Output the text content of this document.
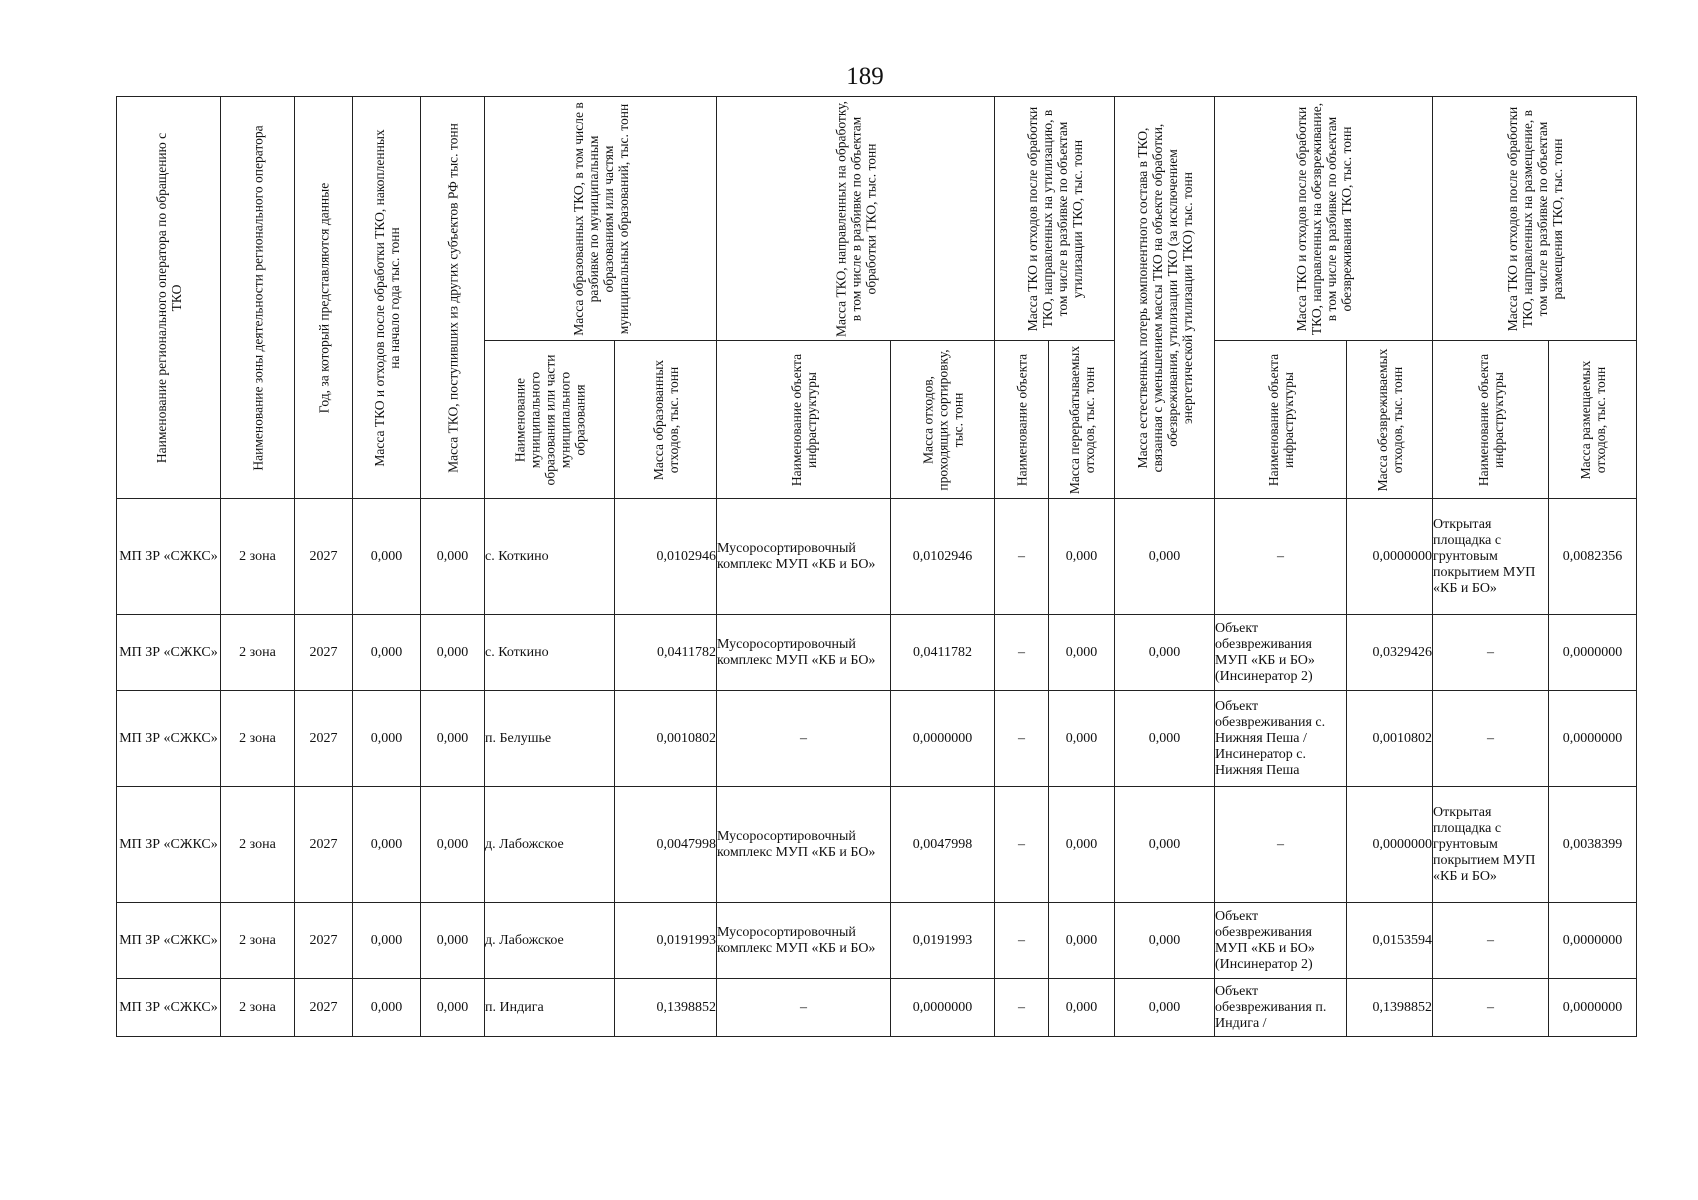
189
Наименование регионального оператора по обращению с ТКО	Наименование зоны деятельности регионального оператора	Год, за который представляются данные	Масса ТКО и отходов после обработки ТКО, накопленных на начало года тыс. тонн	Масса ТКО, поступивших из других субъектов РФ тыс. тонн	Масса образованных ТКО, в том числе в разбивке по муниципальным образованиям или частям муниципальных образований, тыс. тонн		Масса ТКО, направленных на обработку, в том числе в разбивке по объектам обработки ТКО, тыс. тонн		Масса ТКО и отходов после обработки ТКО, направленных на утилизацию, в том числе в разбивке по объектам утилизации ТКО, тыс. тонн		Масса естественных потерь компонентного состава в ТКО, связанная с уменьшением массы ТКО на объекте обработки, обезвреживания, утилизации ТКО (за исключением энергетической утилизации ТКО) тыс. тонн	Масса ТКО и отходов после обработки ТКО, направленных на обезвреживание, в том числе в разбивке по объектам обезвреживания ТКО, тыс. тонн		Масса ТКО и отходов после обработки ТКО, направленных на размещение, в том числе в разбивке по объектам размещения ТКО, тыс. тонн	

					Наименование муниципального образования или части муниципального образования	Масса образованных отходов, тыс. тонн	Наименование объекта инфраструктуры	Масса отходов, проходящих сортировку, тыс. тонн	Наименование объекта	Масса перерабатываемых отходов, тыс. тонн		Наименование объекта инфраструктуры	Масса обезвреживаемых отходов, тыс. тонн	Наименование объекта инфраструктуры	Масса размещаемых отходов, тыс. тонн

МП ЗР «СЖКС»	2 зона	2027	0,000	0,000	с. Коткино	0,0102946	Мусоросортировочный комплекс МУП «КБ и БО»	0,0102946	–	0,000	0,000	–	0,0000000	Открытая площадка с грунтовым покрытием МУП «КБ и БО»	0,0082356
МП ЗР «СЖКС»	2 зона	2027	0,000	0,000	с. Коткино	0,0411782	Мусоросортировочный комплекс МУП «КБ и БО»	0,0411782	–	0,000	0,000	Объект обезвреживания МУП «КБ и БО» (Инсинератор 2)	0,0329426	–	0,0000000
МП ЗР «СЖКС»	2 зона	2027	0,000	0,000	п. Белушье	0,0010802	–	0,0000000	–	0,000	0,000	Объект обезвреживания с. Нижняя Пеша / Инсинератор с. Нижняя Пеша	0,0010802	–	0,0000000
МП ЗР «СЖКС»	2 зона	2027	0,000	0,000	д. Лабожское	0,0047998	Мусоросортировочный комплекс МУП «КБ и БО»	0,0047998	–	0,000	0,000	–	0,0000000	Открытая площадка с грунтовым покрытием МУП «КБ и БО»	0,0038399
МП ЗР «СЖКС»	2 зона	2027	0,000	0,000	д. Лабожское	0,0191993	Мусоросортировочный комплекс МУП «КБ и БО»	0,0191993	–	0,000	0,000	Объект обезвреживания МУП «КБ и БО» (Инсинератор 2)	0,0153594	–	0,0000000
МП ЗР «СЖКС»	2 зона	2027	0,000	0,000	п. Индига	0,1398852	–	0,0000000	–	0,000	0,000	Объект обезвреживания п. Индига /	0,1398852	–	0,0000000
